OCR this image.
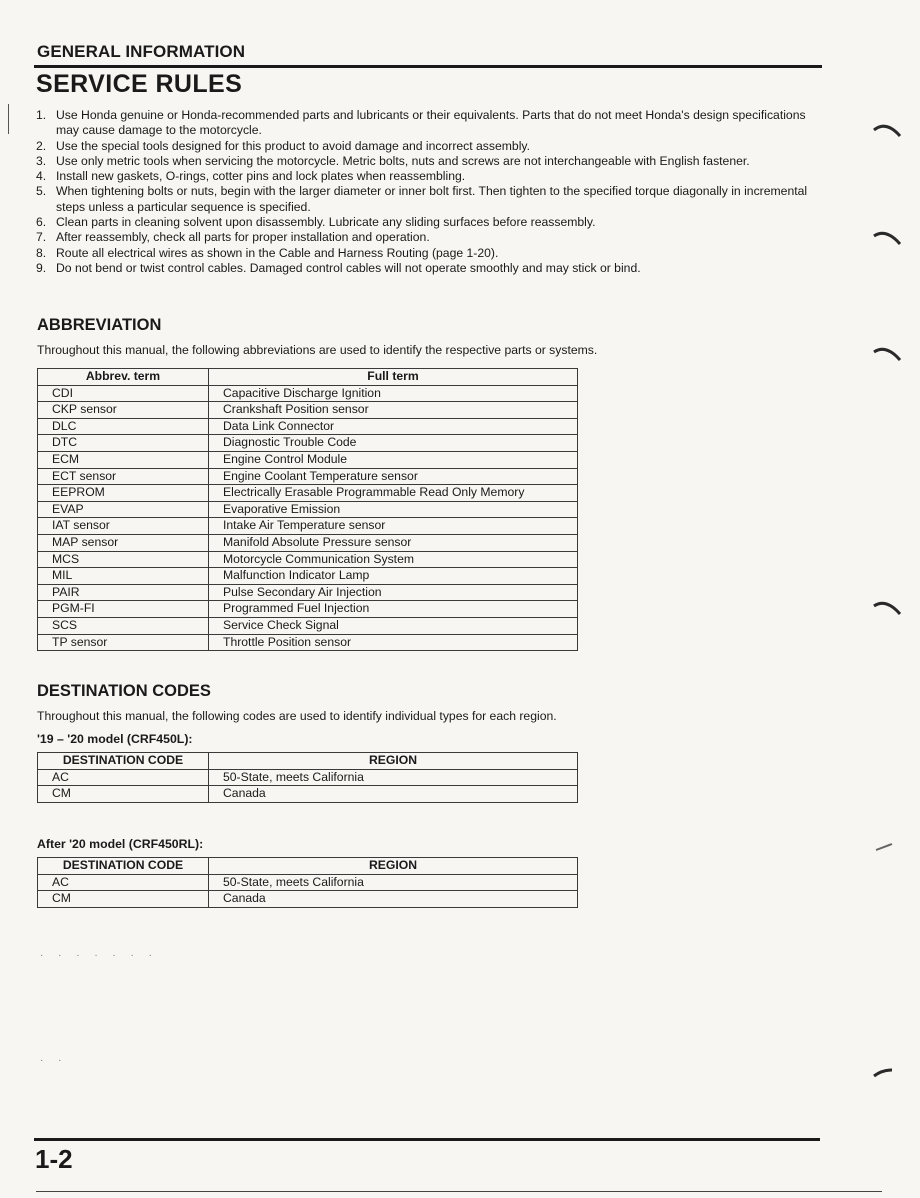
GENERAL INFORMATION
SERVICE RULES
1. Use Honda genuine or Honda-recommended parts and lubricants or their equivalents. Parts that do not meet Honda's design specifications may cause damage to the motorcycle.
2. Use the special tools designed for this product to avoid damage and incorrect assembly.
3. Use only metric tools when servicing the motorcycle. Metric bolts, nuts and screws are not interchangeable with English fastener.
4. Install new gaskets, O-rings, cotter pins and lock plates when reassembling.
5. When tightening bolts or nuts, begin with the larger diameter or inner bolt first. Then tighten to the specified torque diagonally in incremental steps unless a particular sequence is specified.
6. Clean parts in cleaning solvent upon disassembly. Lubricate any sliding surfaces before reassembly.
7. After reassembly, check all parts for proper installation and operation.
8. Route all electrical wires as shown in the Cable and Harness Routing (page 1-20).
9. Do not bend or twist control cables. Damaged control cables will not operate smoothly and may stick or bind.
ABBREVIATION
Throughout this manual, the following abbreviations are used to identify the respective parts or systems.
Abbrev. term	Full term
CDI	Capacitive Discharge Ignition
CKP sensor	Crankshaft Position sensor
DLC	Data Link Connector
DTC	Diagnostic Trouble Code
ECM	Engine Control Module
ECT sensor	Engine Coolant Temperature sensor
EEPROM	Electrically Erasable Programmable Read Only Memory
EVAP	Evaporative Emission
IAT sensor	Intake Air Temperature sensor
MAP sensor	Manifold Absolute Pressure sensor
MCS	Motorcycle Communication System
MIL	Malfunction Indicator Lamp
PAIR	Pulse Secondary Air Injection
PGM-FI	Programmed Fuel Injection
SCS	Service Check Signal
TP sensor	Throttle Position sensor
DESTINATION CODES
Throughout this manual, the following codes are used to identify individual types for each region.
'19 – '20 model (CRF450L):
DESTINATION CODE	REGION
AC	50-State, meets California
CM	Canada
After '20 model (CRF450RL):
DESTINATION CODE	REGION
AC	50-State, meets California
CM	Canada
· · · · · · ·
· ·
1-2
